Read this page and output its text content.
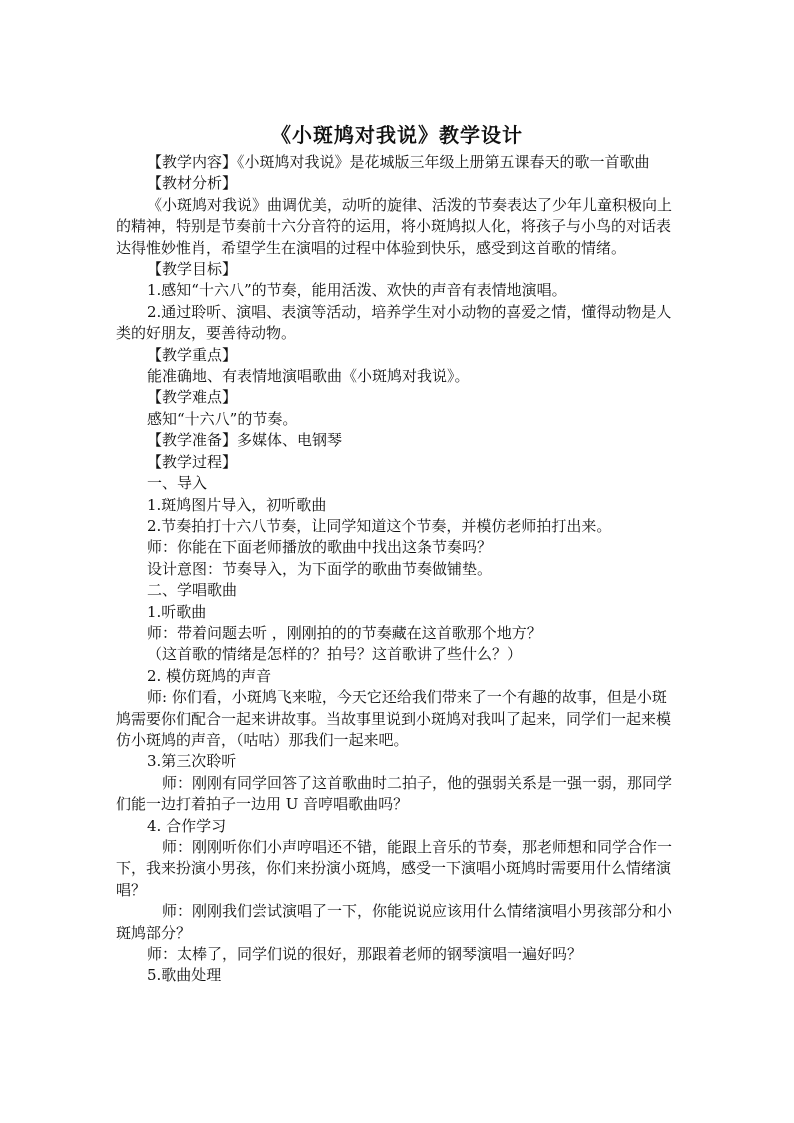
《小斑鸠对我说》教学设计

【教学内容】《小斑鸠对我说》是花城版三年级上册第五课春天的歌一首歌曲

【教材分析】

《小斑鸠对我说》曲调优美，动听的旋律、活泼的节奏表达了少年儿童积极向上的精神，特别是节奏前十六分音符的运用，将小斑鸠拟人化，将孩子与小鸟的对话表达得惟妙惟肖，希望学生在演唱的过程中体验到快乐，感受到这首歌的情绪。

【教学目标】

1.感知“十六八”的节奏，能用活泼、欢快的声音有表情地演唱。

2.通过聆听、演唱、表演等活动，培养学生对小动物的喜爱之情，懂得动物是人类的好朋友，要善待动物。

【教学重点】

能准确地、有表情地演唱歌曲《小斑鸠对我说》。

【教学难点】

感知“十六八”的节奏。

【教学准备】多媒体、电钢琴

【教学过程】

一、导入

1.斑鸠图片导入，初听歌曲

2.节奏拍打十六八节奏，让同学知道这个节奏，并模仿老师拍打出来。

师：你能在下面老师播放的歌曲中找出这条节奏吗？

设计意图：节奏导入，为下面学的歌曲节奏做铺垫。

二、学唱歌曲

1.听歌曲

师：带着问题去听 ，刚刚拍的的节奏藏在这首歌那个地方？

（这首歌的情绪是怎样的？拍号？这首歌讲了些什么？）

2. 模仿斑鸠的声音

师: 你们看，小斑鸠飞来啦，今天它还给我们带来了一个有趣的故事，但是小斑鸠需要你们配合一起来讲故事。当故事里说到小斑鸠对我叫了起来，同学们一起来模仿小斑鸠的声音，（咕咕）那我们一起来吧。

3.第三次聆听

师：刚刚有同学回答了这首歌曲时二拍子，他的强弱关系是一强一弱，那同学们能一边打着拍子一边用 U 音哼唱歌曲吗？

4. 合作学习

师：刚刚听你们小声哼唱还不错，能跟上音乐的节奏，那老师想和同学合作一下，我来扮演小男孩，你们来扮演小斑鸠，感受一下演唱小斑鸠时需要用什么情绪演唱？

师：刚刚我们尝试演唱了一下，你能说说应该用什么情绪演唱小男孩部分和小斑鸠部分？

师：太棒了，同学们说的很好，那跟着老师的钢琴演唱一遍好吗？

5.歌曲处理
